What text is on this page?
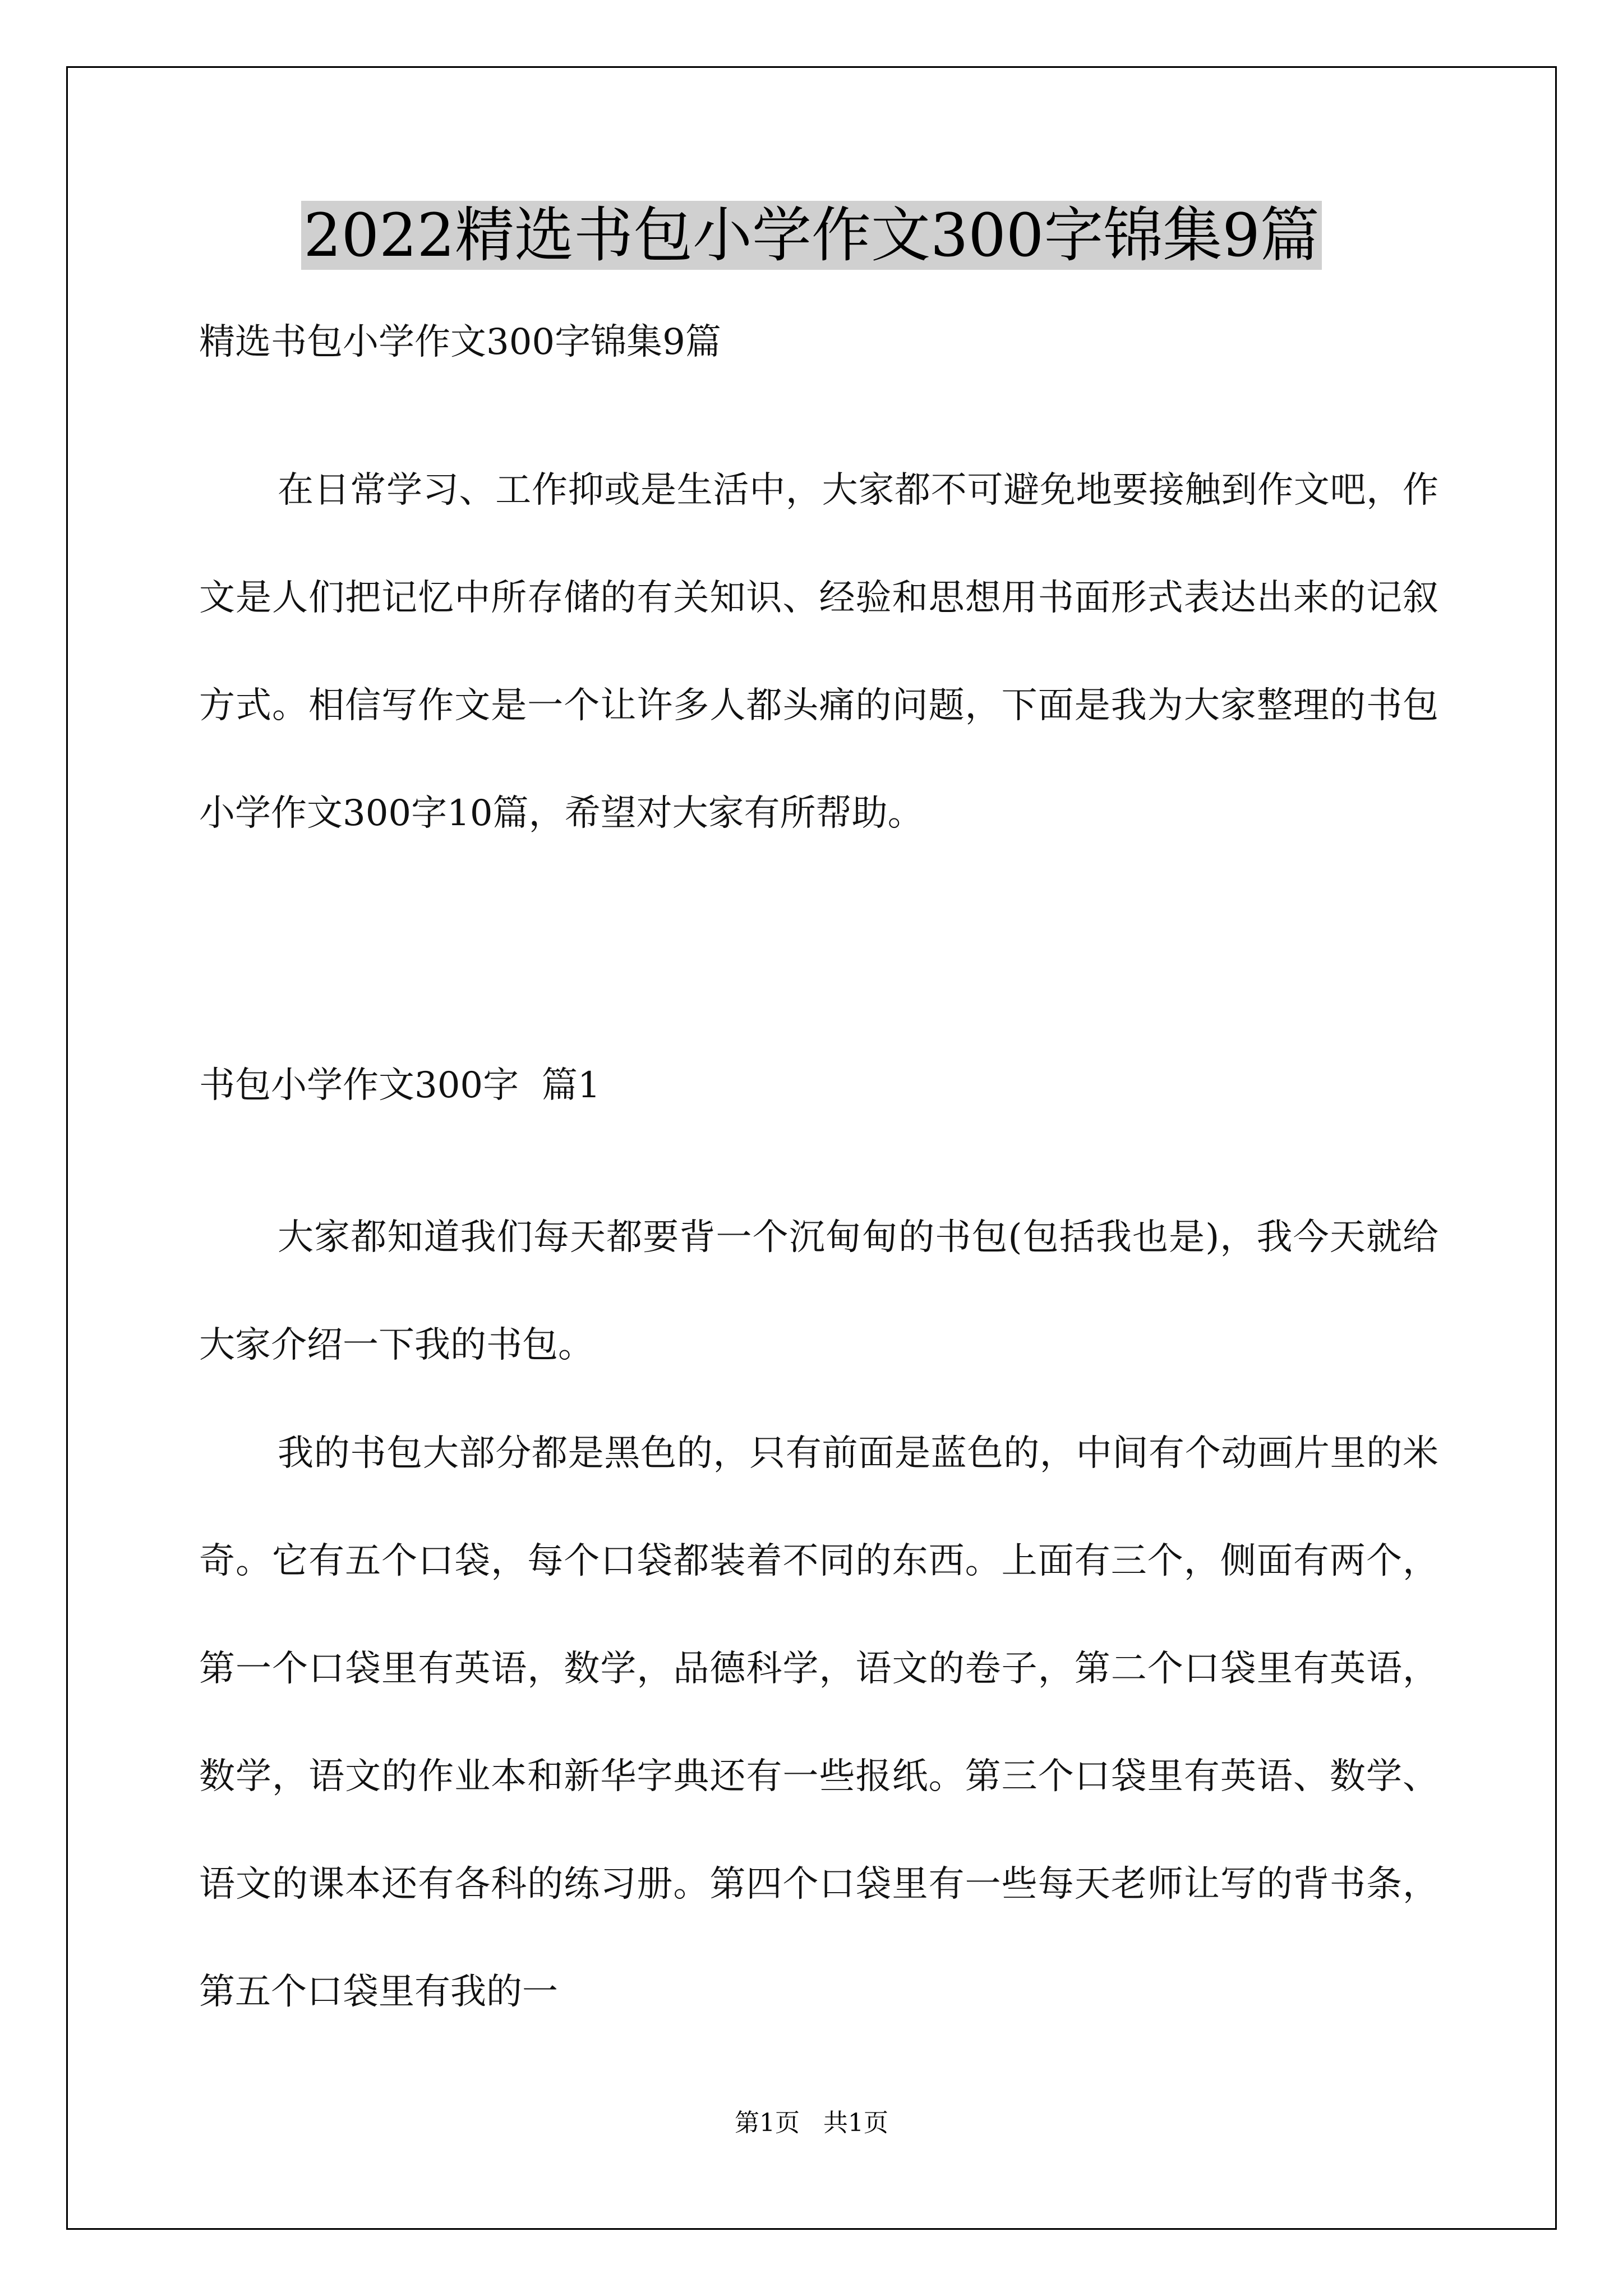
2022精选书包小学作文300字锦集9篇

精选书包小学作文300字锦集9篇

在日常学习、工作抑或是生活中，大家都不可避免地要接触到作文吧，作文是人们把记忆中所存储的有关知识、经验和思想用书面形式表达出来的记叙方式。相信写作文是一个让许多人都头痛的问题，下面是我为大家整理的书包小学作文300字10篇，希望对大家有所帮助。

书包小学作文300字  篇1

大家都知道我们每天都要背一个沉甸甸的书包(包括我也是)，我今天就给大家介绍一下我的书包。

我的书包大部分都是黑色的，只有前面是蓝色的，中间有个动画片里的米奇。它有五个口袋，每个口袋都装着不同的东西。上面有三个，侧面有两个，第一个口袋里有英语，数学，品德科学，语文的卷子，第二个口袋里有英语，数学，语文的作业本和新华字典还有一些报纸。第三个口袋里有英语、数学、语文的课本还有各科的练习册。第四个口袋里有一些每天老师让写的背书条，第五个口袋里有我的一

第1页   共1页
